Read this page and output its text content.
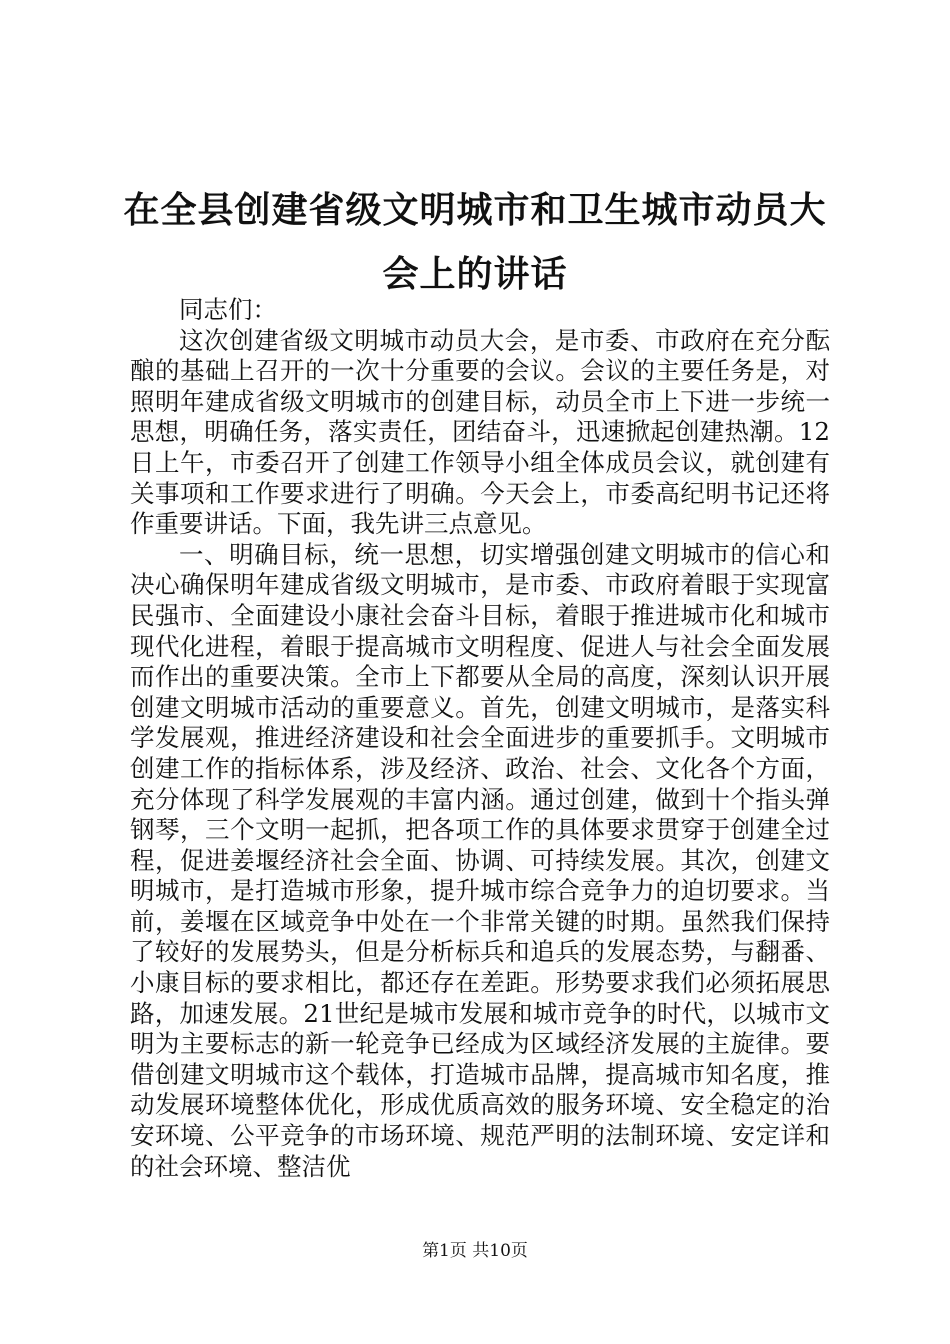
在全县创建省级文明城市和卫生城市动员大会上的讲话

同志们：

这次创建省级文明城市动员大会，是市委、市政府在充分酝酿的基础上召开的一次十分重要的会议。会议的主要任务是，对照明年建成省级文明城市的创建目标，动员全市上下进一步统一思想，明确任务，落实责任，团结奋斗，迅速掀起创建热潮。12日上午，市委召开了创建工作领导小组全体成员会议，就创建有关事项和工作要求进行了明确。今天会上，市委高纪明书记还将作重要讲话。下面，我先讲三点意见。

一、明确目标，统一思想，切实增强创建文明城市的信心和决心确保明年建成省级文明城市，是市委、市政府着眼于实现富民强市、全面建设小康社会奋斗目标，着眼于推进城市化和城市现代化进程，着眼于提高城市文明程度、促进人与社会全面发展而作出的重要决策。全市上下都要从全局的高度，深刻认识开展创建文明城市活动的重要意义。首先，创建文明城市，是落实科学发展观，推进经济建设和社会全面进步的重要抓手。文明城市创建工作的指标体系，涉及经济、政治、社会、文化各个方面，充分体现了科学发展观的丰富内涵。通过创建，做到十个指头弹钢琴，三个文明一起抓，把各项工作的具体要求贯穿于创建全过程，促进姜堰经济社会全面、协调、可持续发展。其次，创建文明城市，是打造城市形象，提升城市综合竞争力的迫切要求。当前，姜堰在区域竞争中处在一个非常关键的时期。虽然我们保持了较好的发展势头，但是分析标兵和追兵的发展态势，与翻番、小康目标的要求相比，都还存在差距。形势要求我们必须拓展思路，加速发展。21世纪是城市发展和城市竞争的时代，以城市文明为主要标志的新一轮竞争已经成为区域经济发展的主旋律。要借创建文明城市这个载体，打造城市品牌，提高城市知名度，推动发展环境整体优化，形成优质高效的服务环境、安全稳定的治安环境、公平竞争的市场环境、规范严明的法制环境、安定详和的社会环境、整洁优

第1页 共10页
